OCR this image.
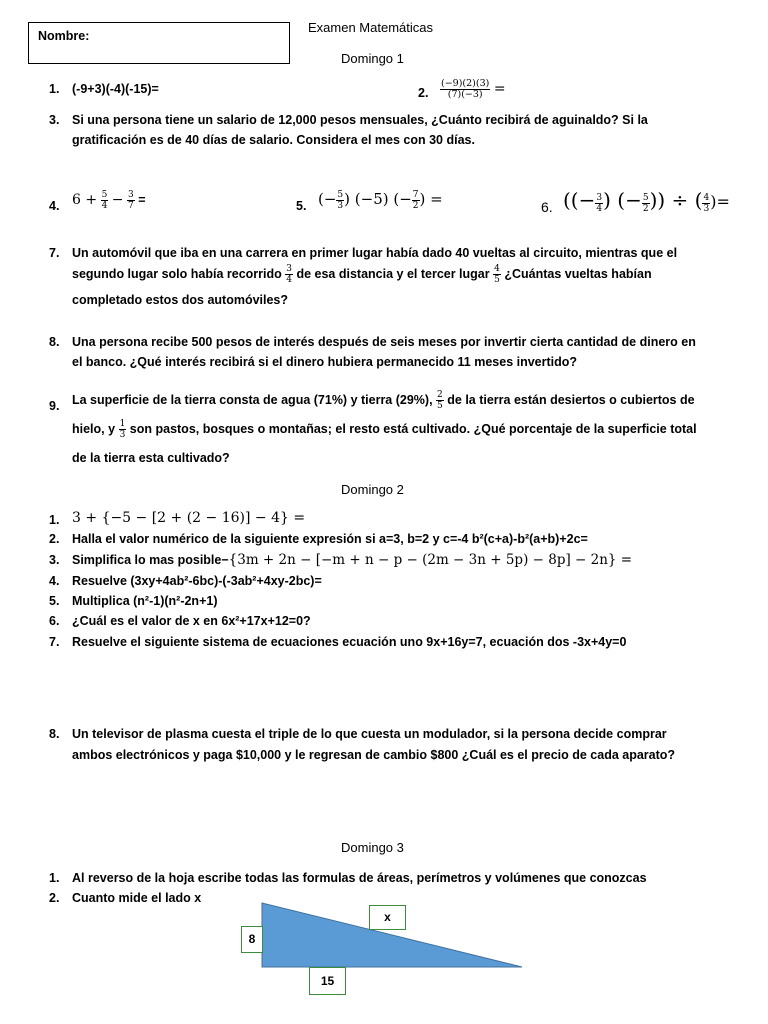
Nombre:
Examen Matemáticas
Domingo 1
1. (-9+3)(-4)(-15)=	2. $\frac{(-9)(2)(3)}{(7)(-3)}$ =
3. Si una persona tiene un salario de 12,000 pesos mensuales, ¿Cuánto recibirá de aguinaldo? Si la
gratificación es de 40 días de salario. Considera el mes con 30 días.
4. $6 + \frac{5}{4} - \frac{3}{7}$ =	5. (− $\frac{5}{3}$ ) (−5) (− $\frac{7}{2}$ ) =	6. ((− $\frac{3}{4}$ ) (− $\frac{5}{2}$ )) ÷ ( $\frac{4}{3}$ )=
7. Un automóvil que iba en una carrera en primer lugar había dado 40 vueltas al circuito, mientras que el
segundo lugar solo había recorrido $\frac{3}{4}$ de esa distancia y el tercer lugar $\frac{4}{5}$ ¿Cuántas vueltas habían
completado estos dos automóviles?
8. Una persona recibe 500 pesos de interés después de seis meses por invertir cierta cantidad de dinero en
el banco. ¿Qué interés recibirá si el dinero hubiera permanecido 11 meses invertido?
9. La superficie de la tierra consta de agua (71%) y tierra (29%), $\frac{2}{5}$ de la tierra están desiertos o cubiertos de
hielo, y $\frac{1}{3}$ son pastos, bosques o montañas; el resto está cultivado. ¿Qué porcentaje de la superficie total
de la tierra esta cultivado?
Domingo 2
1. 3 + {−5 − [2 + (2 − 16)] − 4} =
2. Halla el valor numérico de la siguiente expresión si a=3, b=2 y c=-4 b²(c+a)-b²(a+b)+2c=
3. Simplifica lo mas posible−{3m + 2n − [−m + n − p − (2m − 3n + 5p) − 8p] − 2n} =
4. Resuelve (3xy+4ab²-6bc)-(-3ab²+4xy-2bc)=
5. Multiplica (n²-1)(n²-2n+1)
6. ¿Cuál es el valor de x en 6x²+17x+12=0?
7. Resuelve el siguiente sistema de ecuaciones ecuación uno 9x+16y=7, ecuación dos -3x+4y=0
8. Un televisor de plasma cuesta el triple de lo que cuesta un modulador, si la persona decide comprar
ambos electrónicos y paga $10,000 y le regresan de cambio $800 ¿Cuál es el precio de cada aparato?
Domingo 3
1. Al reverso de la hoja escribe todas las formulas de áreas, perímetros y volúmenes que conozcas
2. Cuanto mide el lado x
x
8
15
